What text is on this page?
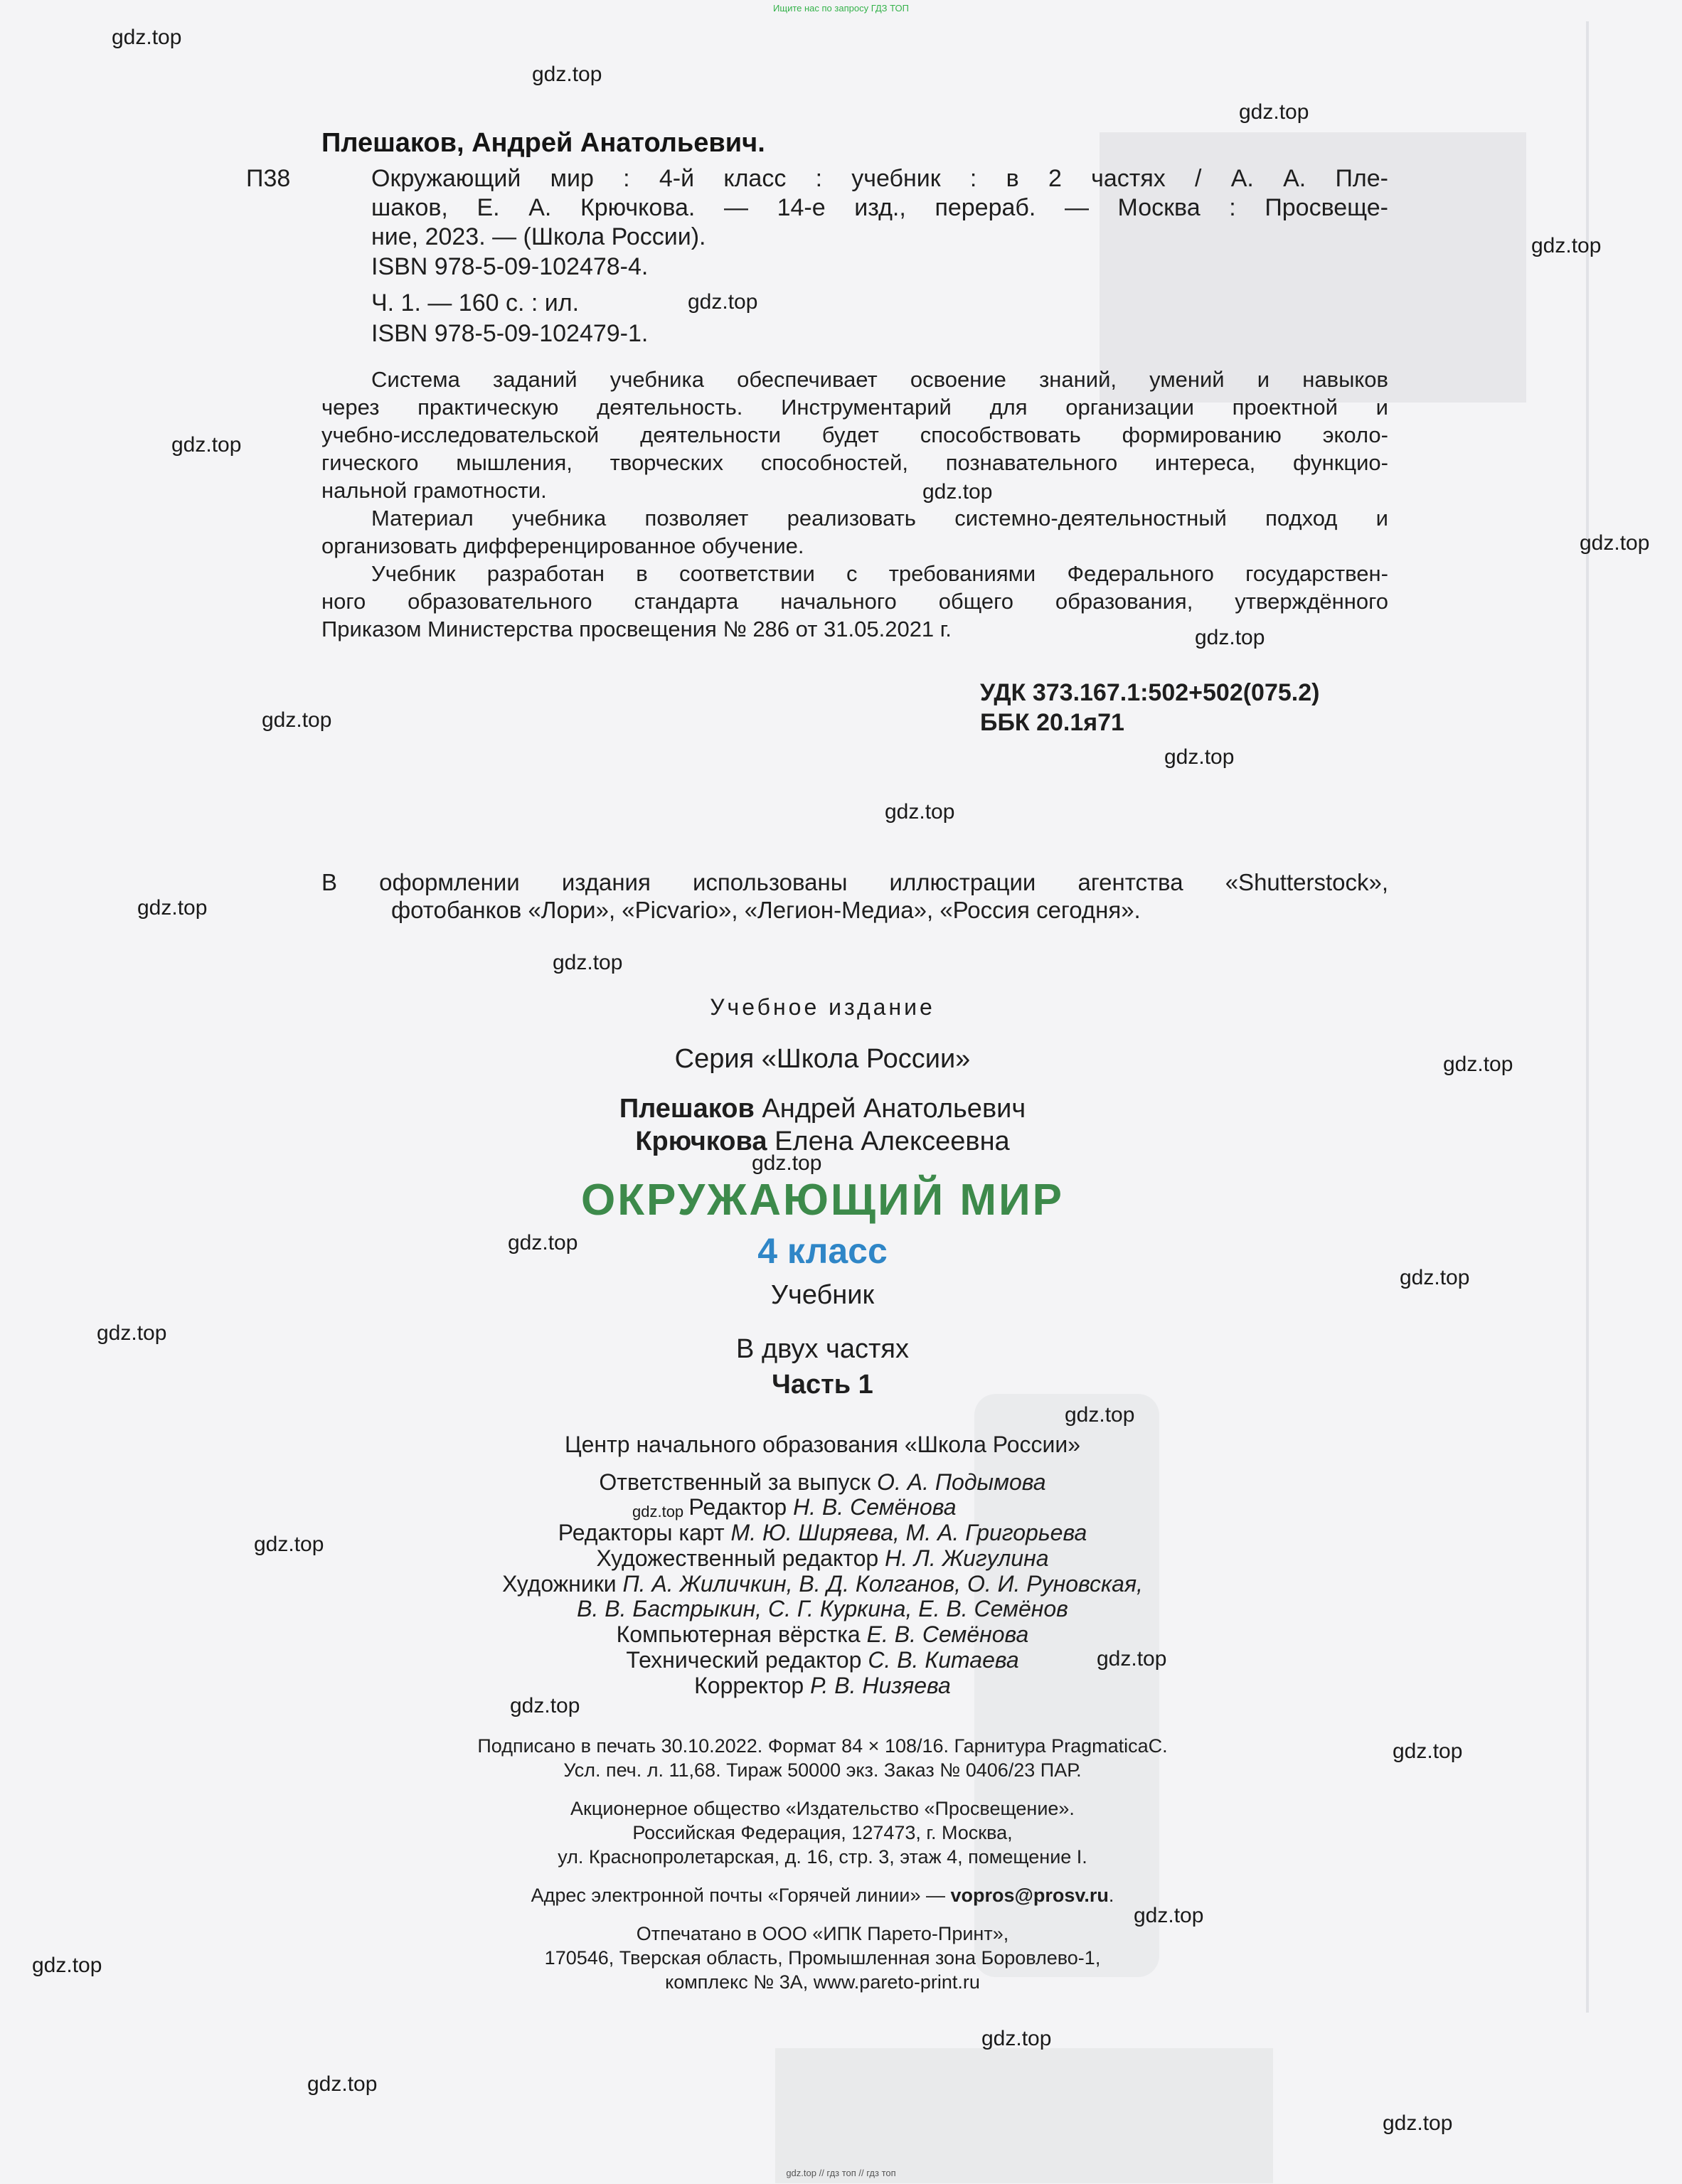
Ищите нас по запросу ГДЗ ТОП
Плешаков, Андрей Анатольевич.
П38	Окружающий мир : 4-й класс : учебник : в 2 частях / А. А. Пле-
шаков, Е. А. Крючкова. — 14-е изд., перераб. — Москва : Просвеще-
ние, 2023. — (Школа России).
ISBN 978-5-09-102478-4.
Ч. 1. — 160 с. : ил.
ISBN 978-5-09-102479-1.
Система заданий учебника обеспечивает освоение знаний, умений и навыков
через практическую деятельность. Инструментарий для организации проектной и
учебно-исследовательской деятельности будет способствовать формированию эколо-
гического мышления, творческих способностей, познавательного интереса, функцио-
нальной грамотности.
Материал учебника позволяет реализовать системно-деятельностный подход и
организовать дифференцированное обучение.
Учебник разработан в соответствии с требованиями Федерального государствен-
ного образовательного стандарта начального общего образования, утверждённого
Приказом Министерства просвещения № 286 от 31.05.2021 г.
УДК 373.167.1:502+502(075.2)
ББК 20.1я71
В оформлении издания использованы иллюстрации агентства «Shutterstock»,
фотобанков «Лори», «Picvario», «Легион-Медиа», «Россия сегодня».
Учебное издание
Серия «Школа России»
Плешаков Андрей Анатольевич
Крючкова Елена Алексеевна
ОКРУЖАЮЩИЙ МИР
4 класс
Учебник
В двух частях
Часть 1
Центр начального образования «Школа России»
Ответственный за выпуск О. А. Подымова
Редактор Н. В. Семёнова
Редакторы карт М. Ю. Ширяева, М. А. Григорьева
Художественный редактор Н. Л. Жигулина
Художники П. А. Жиличкин, В. Д. Колганов, О. И. Руновская,
В. В. Бастрыкин, С. Г. Куркина, Е. В. Семёнов
Компьютерная вёрстка Е. В. Семёнова
Технический редактор С. В. Китаева
Корректор Р. В. Низяева
Подписано в печать 30.10.2022. Формат 84 × 108/16. Гарнитура PragmaticaC.
Усл. печ. л. 11,68. Тираж 50000 экз. Заказ № 0406/23 ПАР.
Акционерное общество «Издательство «Просвещение».
Российская Федерация, 127473, г. Москва,
ул. Краснопролетарская, д. 16, стр. 3, этаж 4, помещение I.
Адрес электронной почты «Горячей линии» — vopros@prosv.ru.
Отпечатано в ООО «ИПК Парето-Принт»,
170546, Тверская область, Промышленная зона Боровлево-1,
комплекс № 3А, www.pareto-print.ru
gdz.top
gdz.top
gdz.top
gdz.top
gdz.top
gdz.top
gdz.top
gdz.top
gdz.top
gdz.top
gdz.top
gdz.top
gdz.top
gdz.top
gdz.top
gdz.top
gdz.top
gdz.top
gdz.top
gdz.top
gdz.top
gdz.top
gdz.top
gdz.top
gdz.top
gdz.top
gdz.top
gdz.top
gdz.top
gdz.top
gdz.top // гдз топ // гдз топ
